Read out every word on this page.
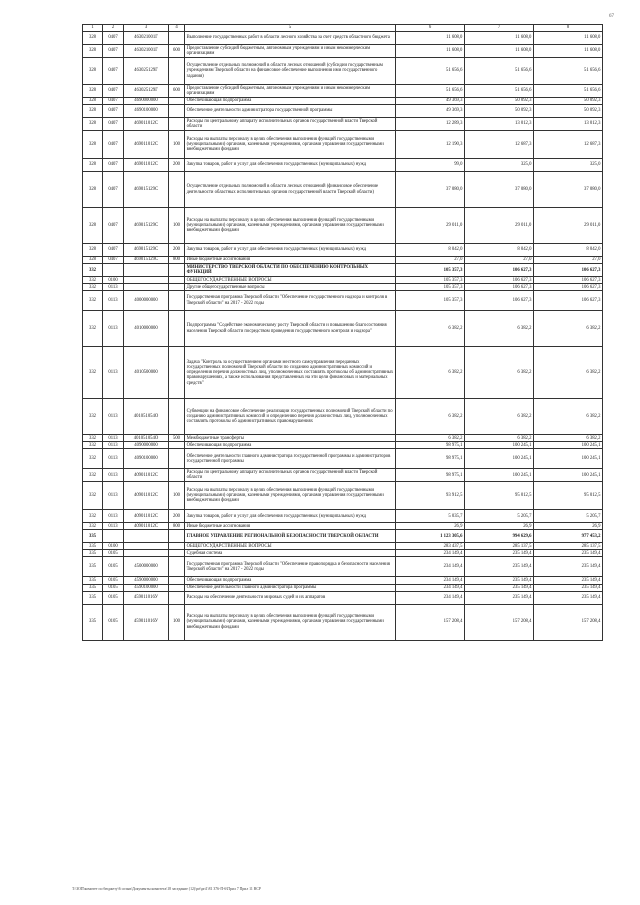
67
1	2	3	4	5	6	7	8
328	0407	463021001Г		Выполнение государственных работ в области лесного хозяйства за счет средств областного бюджета	11 608,0	11 608,0	11 608,0
328	0407	463021001Г	600	Предоставление субсидий бюджетным, автономным учреждениям и иным некоммерческим организациям	11 608,0	11 608,0	11 608,0
328	0407	463025129Г		Осуществление отдельных полномочий в области лесных отношений (субсидии государственным учреждениям Тверской области на финансовое обеспечение выполнения ими государственного задания)	51 656,6	51 656,6	51 656,6
328	0407	463025129Г	600	Предоставление субсидий бюджетным, автономным учреждениям и иным некоммерческим организациям	51 656,6	51 656,6	51 656,6
328	0407	4690000000		Обеспечивающая подпрограмма	49 369,3	50 092,3	50 092,3
328	0407	4690100000		Обеспечение деятельности администратора государственной программы	49 369,3	50 092,3	50 092,3
328	0407	469011012С		Расходы по центральному аппарату исполнительных органов государственной власти Тверской области	12 289,3	13 012,3	13 012,3
328	0407	469011012С	100	Расходы на выплаты персоналу в целях обеспечения выполнения функций государственными (муниципальными) органами, казенными учреждениями, органами управления государственными внебюджетными фондами	12 190,3	12 687,3	12 687,3
328	0407	469011012С	200	Закупка товаров, работ и услуг для обеспечения государственных (муниципальных) нужд	99,0	325,0	325,0
328	0407	469015129С		Осуществление отдельных полномочий в области лесных отношений (финансовое обеспечение деятельности областных исполнительных органов государственной власти Тверской области)	37 080,0	37 080,0	37 080,0
328	0407	469015129С	100	Расходы на выплаты персоналу в целях обеспечения выполнения функций государственными (муниципальными) органами, казенными учреждениями, органами управления государственными внебюджетными фондами	29 011,0	29 011,0	29 011,0
328	0407	469015129С	200	Закупка товаров, работ и услуг для обеспечения государственных (муниципальных) нужд	8 042,0	8 042,0	8 042,0
328	0407	469015129С	800	Иные бюджетные ассигнования	27,0	27,0	27,0
332				МИНИСТЕРСТВО ТВЕРСКОЙ ОБЛАСТИ ПО ОБЕСПЕЧЕНИЮ КОНТРОЛЬНЫХ ФУНКЦИЙ	105 357,3	106 627,3	106 627,3
332	0100			ОБЩЕГОСУДАРСТВЕННЫЕ ВОПРОСЫ	105 357,3	106 627,3	106 627,3
332	0113			Другие общегосударственные вопросы	105 357,3	106 627,3	106 627,3
332	0113	4000000000		Государственная программа Тверской области "Обеспечение государственного надзора и контроля в Тверской области" на 2017 - 2022 годы	105 357,3	106 627,3	106 627,3
332	0113	4010000000		Подпрограмма "Содействие экономическому росту Тверской области и повышению благосостояния населения Тверской области посредством проведения государственного контроля и надзора"	6 382,2	6 382,2	6 382,2
332	0113	4010500000		Задача "Контроль за осуществлением органами местного самоуправления переданных государственных полномочий Тверской области по созданию административных комиссий и определения перечня должностных лиц, уполномоченных составлять протоколы об административных правонарушениях, а также использования представленных на эти цели финансовых и материальных средств"	6 382,2	6 382,2	6 382,2
332	0113	401051054О		Субвенции на финансовое обеспечение реализации государственных полномочий Тверской области по созданию административных комиссий и определению перечня должностных лиц, уполномоченных составлять протоколы об административных правонарушениях	6 382,2	6 382,2	6 382,2
332	0113	401051054О	500	Межбюджетные трансферты	6 382,2	6 382,2	6 382,2
332	0113	4090000000		Обеспечивающая подпрограмма	98 975,1	100 245,1	100 245,1
332	0113	4090100000		Обеспечение деятельности главного администратора государственной программы и администраторов государственной программы	98 975,1	100 245,1	100 245,1
332	0113	409011012С		Расходы по центральному аппарату исполнительных органов государственной власти Тверской области	98 975,1	100 245,1	100 245,1
332	0113	409011012С	100	Расходы на выплаты персоналу в целях обеспечения выполнения функций государственными (муниципальными) органами, казенными учреждениями, органами управления государственными внебюджетными фондами	93 912,5	95 012,5	95 012,5
332	0113	409011012С	200	Закупка товаров, работ и услуг для обеспечения государственных (муниципальных) нужд	5 035,7	5 205,7	5 205,7
332	0113	409011012С	800	Иные бюджетные ассигнования	26,9	26,9	26,9
335				ГЛАВНОЕ УПРАВЛЕНИЕ РЕГИОНАЛЬНОЙ БЕЗОПАСНОСТИ ТВЕРСКОЙ ОБЛАСТИ	1 123 305,6	994 629,6	977 453,2
335	0100			ОБЩЕГОСУДАРСТВЕННЫЕ ВОПРОСЫ	283 437,5	285 137,5	285 137,5
335	0105			Судебная система	234 149,4	235 149,4	235 149,4
335	0105	4500000000		Государственная программа Тверской области "Обеспечение правопорядка и безопасности населения Тверской области" на 2017 - 2022 годы	234 149,4	235 149,4	235 149,4
335	0105	4590000000		Обеспечивающая подпрограмма	234 149,4	235 149,4	235 149,4
335	0105	4590100000		Обеспечение деятельности главного администратора программы	234 149,4	235 149,4	235 149,4
335	0105	459011016У		Расходы на обеспечение деятельности мировых судей и их аппаратов	234 149,4	235 149,4	235 149,4
335	0105	459011016У	100	Расходы на выплаты персоналу в целях обеспечения выполнения функций государственными (муниципальными) органами, казенными учреждениями, органами управления государственными внебюджетными фондами	157 208,4	157 208,4	157 208,4
T:\ЗОП\комитет по бюджету\6 созыв\Документы комитета\18 заседание (12)\prt\prt1\81 376-П-6\Прил 7 Прил 11 ВСР
